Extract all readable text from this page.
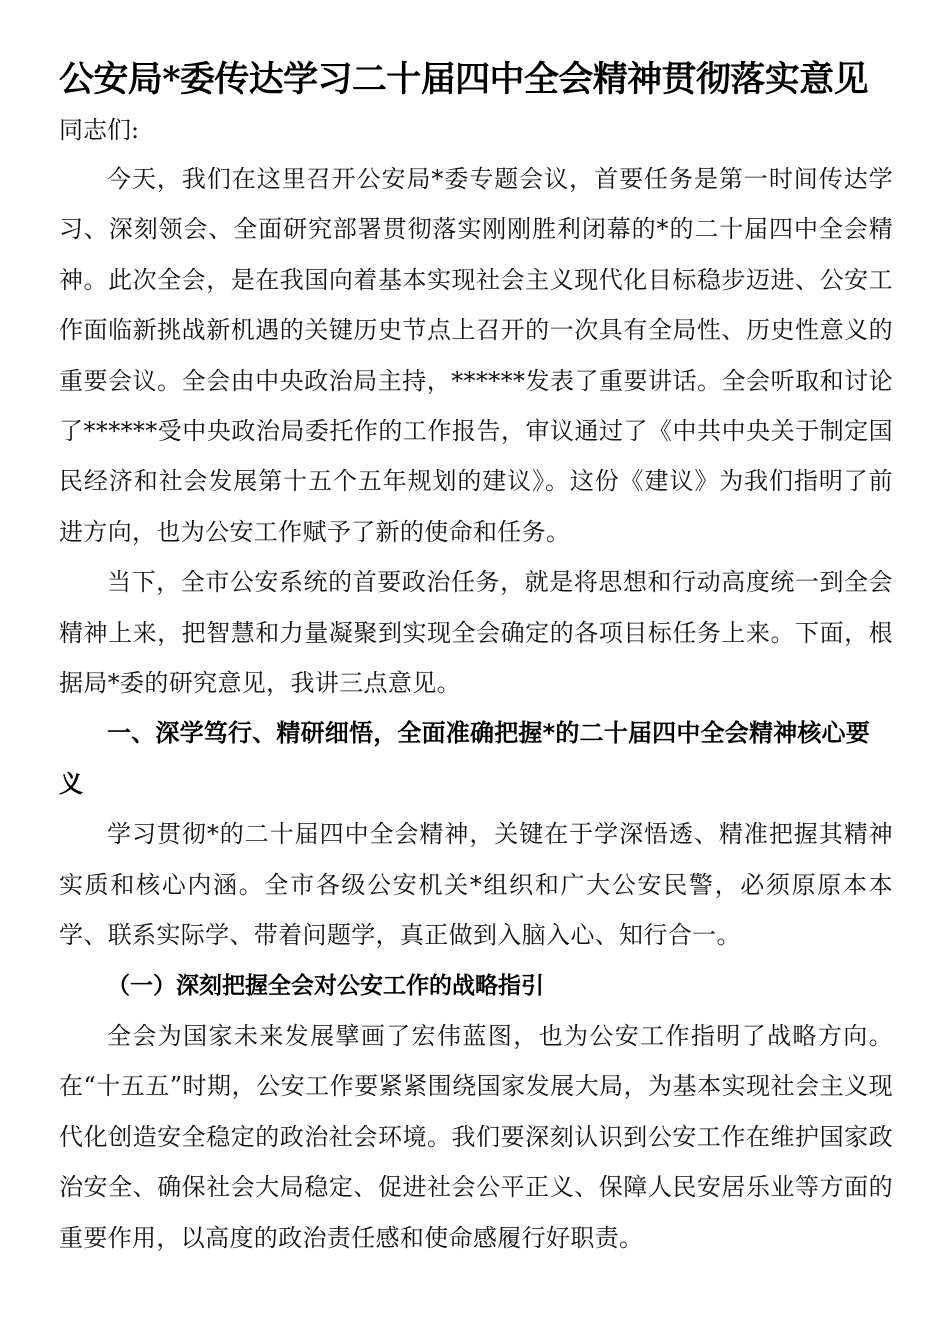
公安局*委传达学习二十届四中全会精神贯彻落实意见

同志们:

今天，我们在这里召开公安局*委专题会议，首要任务是第一时间传达学习、深刻领会、全面研究部署贯彻落实刚刚胜利闭幕的*的二十届四中全会精神。此次全会，是在我国向着基本实现社会主义现代化目标稳步迈进、公安工作面临新挑战新机遇的关键历史节点上召开的一次具有全局性、历史性意义的重要会议。全会由中央政治局主持，******发表了重要讲话。全会听取和讨论了******受中央政治局委托作的工作报告，审议通过了《中共中央关于制定国民经济和社会发展第十五个五年规划的建议》。这份《建议》为我们指明了前进方向，也为公安工作赋予了新的使命和任务。

当下，全市公安系统的首要政治任务，就是将思想和行动高度统一到全会精神上来，把智慧和力量凝聚到实现全会确定的各项目标任务上来。下面，根据局*委的研究意见，我讲三点意见。

一、深学笃行、精研细悟，全面准确把握*的二十届四中全会精神核心要义

学习贯彻*的二十届四中全会精神，关键在于学深悟透、精准把握其精神实质和核心内涵。全市各级公安机关*组织和广大公安民警，必须原原本本学、联系实际学、带着问题学，真正做到入脑入心、知行合一。

（一）深刻把握全会对公安工作的战略指引

全会为国家未来发展擘画了宏伟蓝图，也为公安工作指明了战略方向。在“十五五”时期，公安工作要紧紧围绕国家发展大局，为基本实现社会主义现代化创造安全稳定的政治社会环境。我们要深刻认识到公安工作在维护国家政治安全、确保社会大局稳定、促进社会公平正义、保障人民安居乐业等方面的重要作用，以高度的政治责任感和使命感履行好职责。
